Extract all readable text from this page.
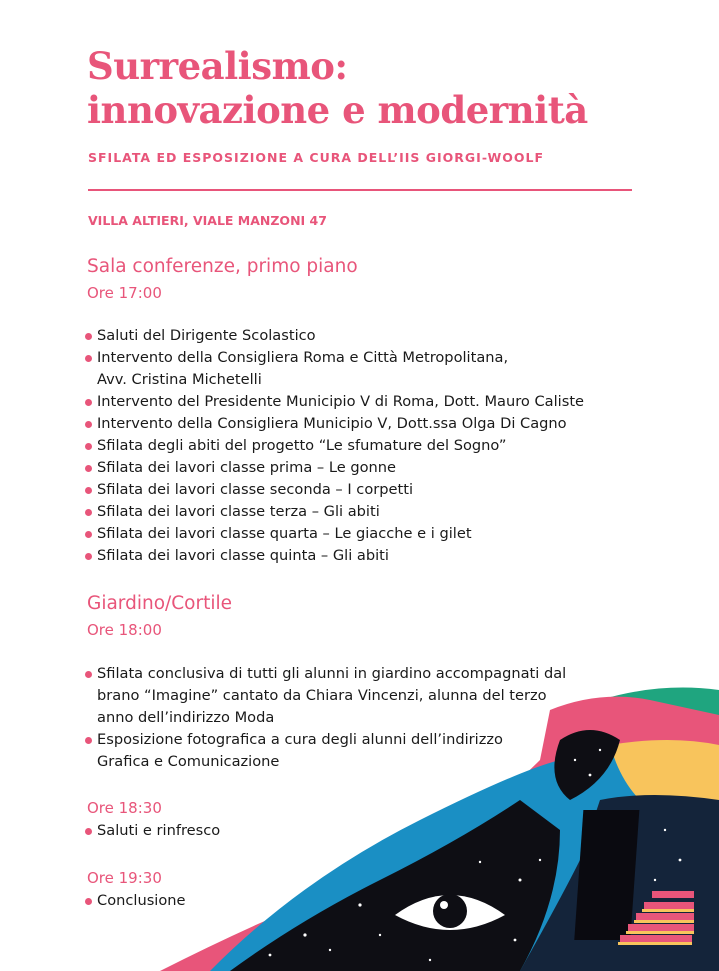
Surrealismo:
innovazione e modernità
SFILATA ED ESPOSIZIONE A CURA DELL’IIS GIORGI-WOOLF
VILLA ALTIERI, VIALE MANZONI 47
Sala conferenze, primo piano
Ore 17:00
Saluti del Dirigente Scolastico
Intervento della Consigliera Roma e Città Metropolitana,
Avv. Cristina Michetelli
Intervento del Presidente Municipio V di Roma, Dott. Mauro Caliste
Intervento della Consigliera Municipio V, Dott.ssa Olga Di Cagno
Sfilata degli abiti del progetto “Le sfumature del Sogno”
Sfilata dei lavori classe prima – Le gonne
Sfilata dei lavori classe seconda – I corpetti
Sfilata dei lavori classe terza – Gli abiti
Sfilata dei lavori classe quarta – Le giacche e i gilet
Sfilata dei lavori classe quinta – Gli abiti
Giardino/Cortile
Ore 18:00
Sfilata conclusiva di tutti gli alunni in giardino accompagnati dal
brano “Imagine” cantato da Chiara Vincenzi, alunna del terzo
anno dell’indirizzo Moda
Esposizione fotografica a cura degli alunni dell’indirizzo
Grafica e Comunicazione
Ore 18:30
Saluti e rinfresco
Ore 19:30
Conclusione
